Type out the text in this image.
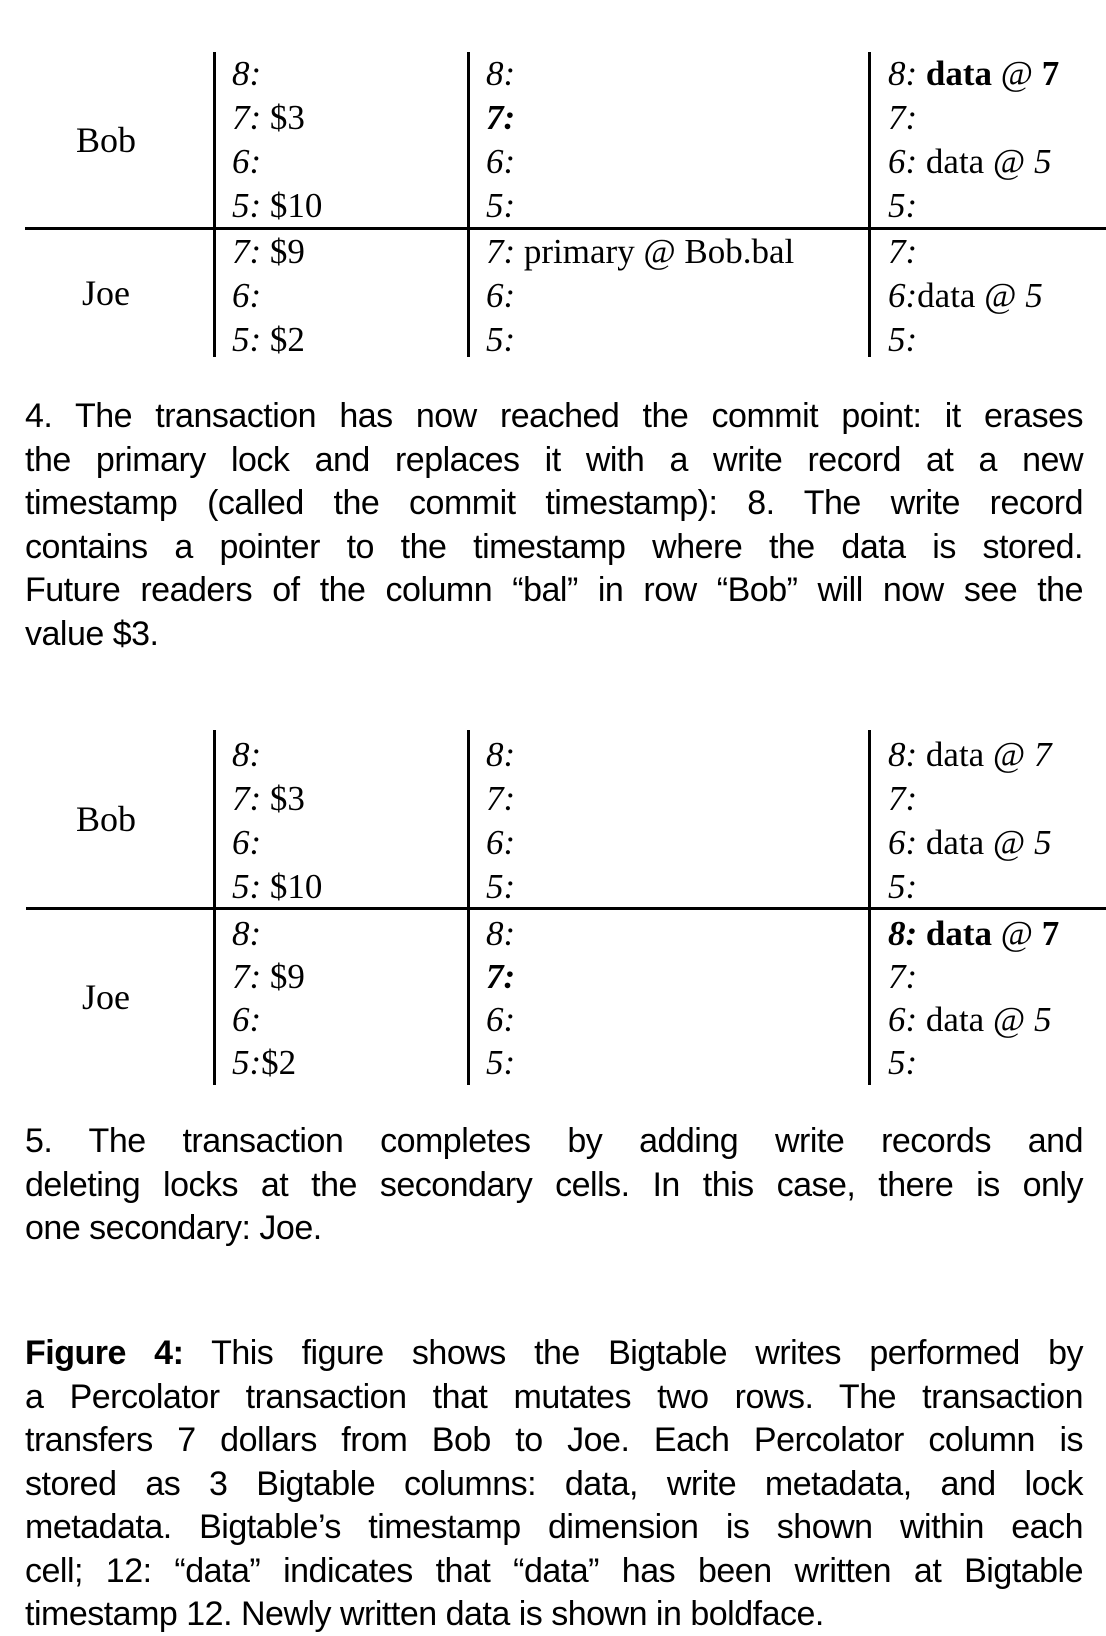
Bob
8:
7: $3
6:
5: $10
8:
7:
6:
5:
8: data @ 7
7:
6: data @ 5
5:
Joe
7: $9
6:
5: $2
7: primary @ Bob.bal
6:
5:
7:
6:data @ 5
5:
4. The transaction has now reached the commit point: it erases
the primary lock and replaces it with a write record at a new
timestamp (called the commit timestamp): 8. The write record
contains a pointer to the timestamp where the data is stored.
Future readers of the column “bal” in row “Bob” will now see the
value $3.
Bob
8:
7: $3
6:
5: $10
8:
7:
6:
5:
8: data @ 7
7:
6: data @ 5
5:
Joe
8:
7: $9
6:
5:$2
8:
7:
6:
5:
8: data @ 7
7:
6: data @ 5
5:
5. The transaction completes by adding write records and
deleting locks at the secondary cells. In this case, there is only
one secondary: Joe.
Figure 4: This figure shows the Bigtable writes performed by
a Percolator transaction that mutates two rows. The transaction
transfers 7 dollars from Bob to Joe. Each Percolator column is
stored as 3 Bigtable columns: data, write metadata, and lock
metadata. Bigtable’s timestamp dimension is shown within each
cell; 12: “data” indicates that “data” has been written at Bigtable
timestamp 12. Newly written data is shown in boldface.
